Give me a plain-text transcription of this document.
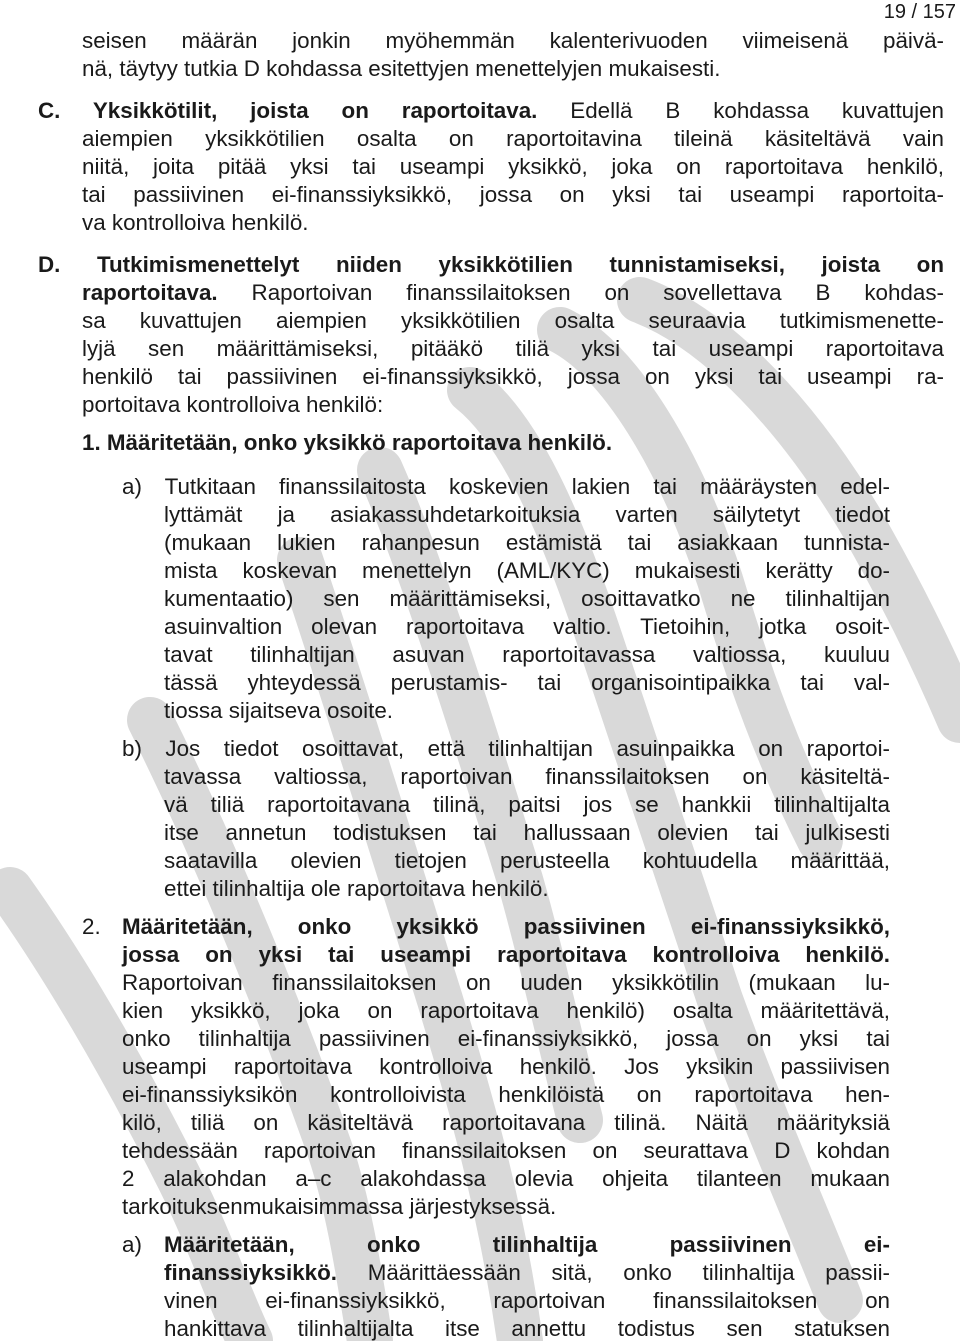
19 / 157
seisen määrän jonkin myöhemmän kalenterivuoden viimeisenä päivä-
nä, täytyy tutkia D kohdassa esitettyjen menettelyjen mukaisesti.
C. Yksikkötilit, joista on raportoitava. Edellä B kohdassa kuvattujen
aiempien yksikkötilien osalta on raportoitavina tileinä käsiteltävä vain
niitä, joita pitää yksi tai useampi yksikkö, joka on raportoitava henkilö,
tai passiivinen ei-finanssiyksikkö, jossa on yksi tai useampi raportoita-
va kontrolloiva henkilö.
D. Tutkimismenettelyt niiden yksikkötilien tunnistamiseksi, joista on
raportoitava. Raportoivan finanssilaitoksen on sovellettava B kohdas-
sa kuvattujen aiempien yksikkötilien osalta seuraavia tutkimismenette-
lyjä sen määrittämiseksi, pitääkö tiliä yksi tai useampi raportoitava
henkilö tai passiivinen ei-finanssiyksikkö, jossa on yksi tai useampi ra-
portoitava kontrolloiva henkilö:
1. Määritetään, onko yksikkö raportoitava henkilö.
a) Tutkitaan finanssilaitosta koskevien lakien tai määräysten edel-
lyttämät ja asiakassuhdetarkoituksia varten säilytetyt tiedot
(mukaan lukien rahanpesun estämistä tai asiakkaan tunnista-
mista koskevan menettelyn (AML/KYC) mukaisesti kerätty do-
kumentaatio) sen määrittämiseksi, osoittavatko ne tilinhaltijan
asuinvaltion olevan raportoitava valtio. Tietoihin, jotka osoit-
tavat tilinhaltijan asuvan raportoitavassa valtiossa, kuuluu
tässä yhteydessä perustamis- tai organisointipaikka tai val-
tiossa sijaitseva osoite.
b) Jos tiedot osoittavat, että tilinhaltijan asuinpaikka on raportoi-
tavassa valtiossa, raportoivan finanssilaitoksen on käsiteltä-
vä tiliä raportoitavana tilinä, paitsi jos se hankkii tilinhaltijalta
itse annetun todistuksen tai hallussaan olevien tai julkisesti
saatavilla olevien tietojen perusteella kohtuudella määrittää,
ettei tilinhaltija ole raportoitava henkilö.
2. Määritetään, onko yksikkö passiivinen ei-finanssiyksikkö,
jossa on yksi tai useampi raportoitava kontrolloiva henkilö.
Raportoivan finanssilaitoksen on uuden yksikkötilin (mukaan lu-
kien yksikkö, joka on raportoitava henkilö) osalta määritettävä,
onko tilinhaltija passiivinen ei-finanssiyksikkö, jossa on yksi tai
useampi raportoitava kontrolloiva henkilö. Jos yksikin passiivisen
ei-finanssiyksikön kontrolloivista henkilöistä on raportoitava hen-
kilö, tiliä on käsiteltävä raportoitavana tilinä. Näitä määrityksiä
tehdessään raportoivan finanssilaitoksen on seurattava D kohdan
2 alakohdan a–c alakohdassa olevia ohjeita tilanteen mukaan
tarkoituksenmukaisimmassa järjestyksessä.
a) Määritetään, onko tilinhaltija passiivinen ei-
finanssiyksikkö. Määrittäessään sitä, onko tilinhaltija passii-
vinen ei-finanssiyksikkö, raportoivan finanssilaitoksen on
hankittava tilinhaltijalta itse annettu todistus sen statuksen
